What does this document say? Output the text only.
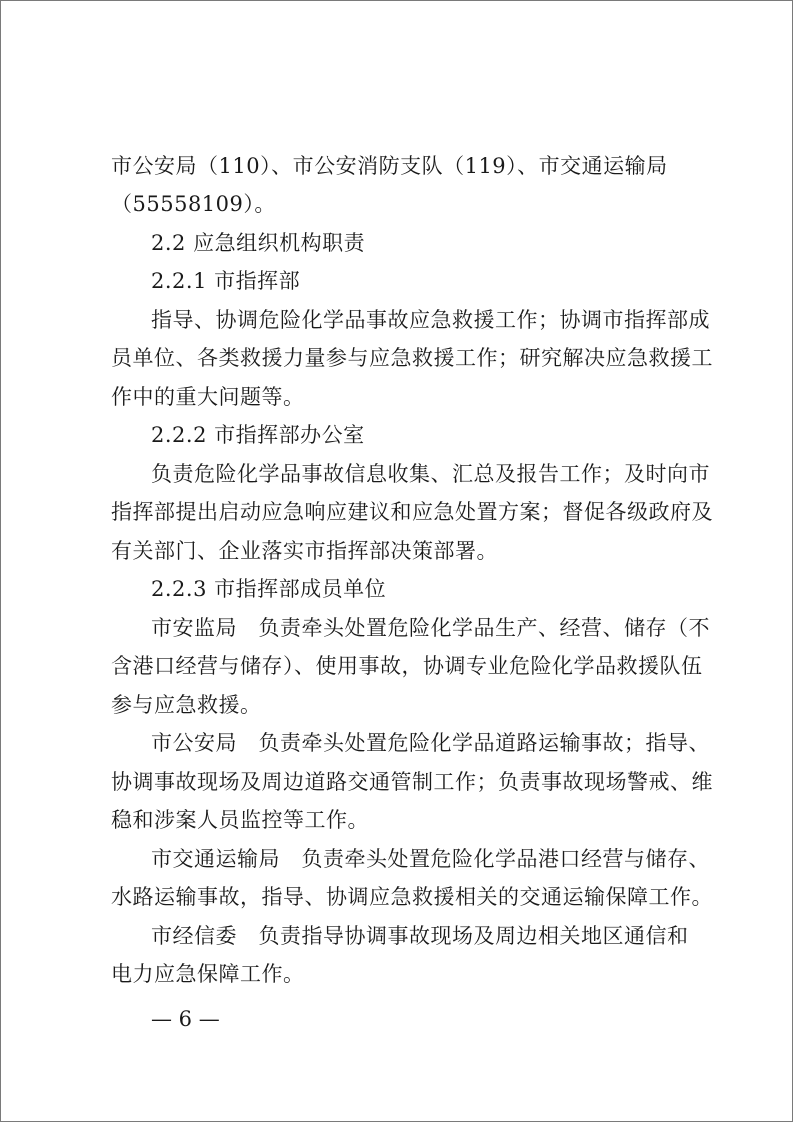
市公安局（110）、市公安消防支队（119）、市交通运输局
（55558109）。
2.2 应急组织机构职责
2.2.1 市指挥部
指导、协调危险化学品事故应急救援工作；协调市指挥部成
员单位、各类救援力量参与应急救援工作；研究解决应急救援工
作中的重大问题等。
2.2.2 市指挥部办公室
负责危险化学品事故信息收集、汇总及报告工作；及时向市
指挥部提出启动应急响应建议和应急处置方案；督促各级政府及
有关部门、企业落实市指挥部决策部署。
2.2.3 市指挥部成员单位
市安监局　负责牵头处置危险化学品生产、经营、储存（不
含港口经营与储存）、使用事故，协调专业危险化学品救援队伍
参与应急救援。
市公安局　负责牵头处置危险化学品道路运输事故；指导、
协调事故现场及周边道路交通管制工作；负责事故现场警戒、维
稳和涉案人员监控等工作。
市交通运输局　负责牵头处置危险化学品港口经营与储存、
水路运输事故，指导、协调应急救援相关的交通运输保障工作。
市经信委　负责指导协调事故现场及周边相关地区通信和
电力应急保障工作。
— 6 —
